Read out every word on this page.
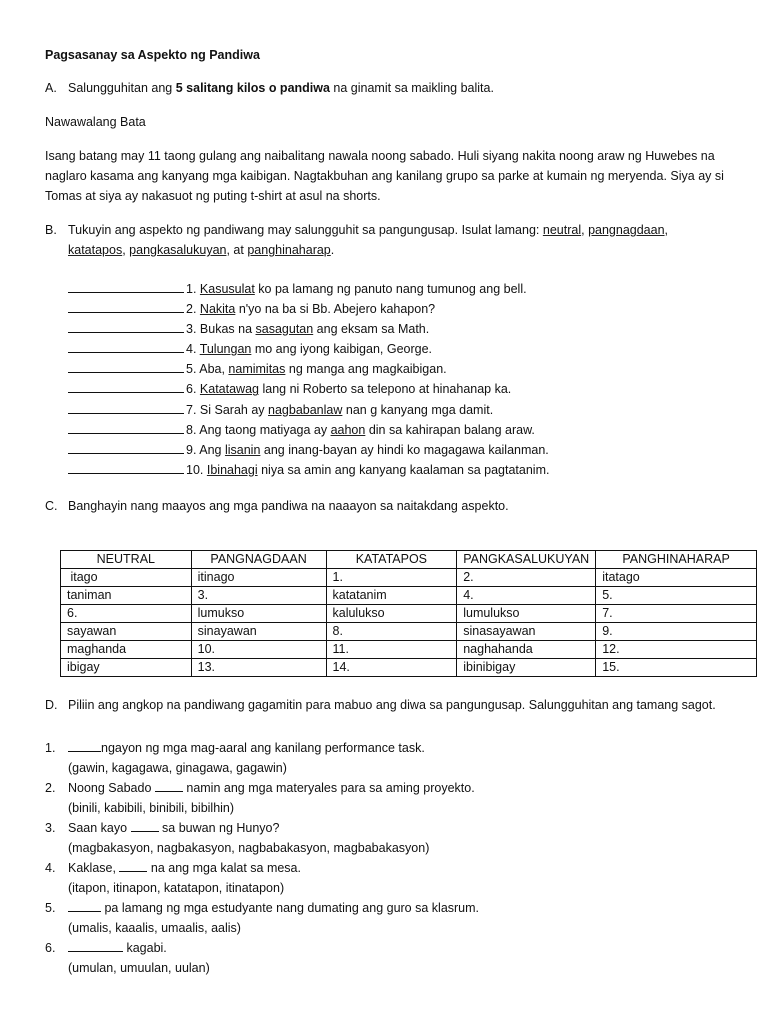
Pagsasanay sa Aspekto ng Pandiwa
A. Salungguhitan ang 5 salitang kilos o pandiwa na ginamit sa maikling balita.
Nawawalang Bata
Isang batang may 11 taong gulang ang naibalitang nawala noong sabado. Huli siyang nakita noong araw ng Huwebes na naglaro kasama ang kanyang mga kaibigan. Nagtakbuhan ang kanilang grupo sa parke at kumain ng meryenda. Siya ay si Tomas at siya ay nakasuot ng puting t-shirt at asul na shorts.
B. Tukuyin ang aspekto ng pandiwang may salungguhit sa pangungusap. Isulat lamang: neutral, pangnagdaan,
katatapos, pangkasalukuyan, at panghinaharap.
1. Kasusulat ko pa lamang ng panuto nang tumunog ang bell.
2. Nakita n'yo na ba si Bb. Abejero kahapon?
3. Bukas na sasagutan ang eksam sa Math.
4. Tulungan mo ang iyong kaibigan, George.
5. Aba, namimitas ng manga ang magkaibigan.
6. Katatawag lang ni Roberto sa telepono at hinahanap ka.
7. Si Sarah ay nagbabanlaw nan g kanyang mga damit.
8. Ang taong matiyaga ay aahon din sa kahirapan balang araw.
9. Ang lisanin ang inang-bayan ay hindi ko magagawa kailanman.
10. Ibinahagi niya sa amin ang kanyang kaalaman sa pagtatanim.
C. Banghayin nang maayos ang mga pandiwa na naaayon sa naitakdang aspekto.
NEUTRAL	PANGNAGDAAN	KATATAPOS	PANGKASALUKUYAN	PANGHINAHARAP
itago	itinago	1.	2.	itatago
taniman	3.	katatanim	4.	5.
6.	lumukso	kalulukso	lumulukso	7.
sayawan	sinayawan	8.	sinasayawan	9.
maghanda	10.	11.	naghahanda	12.
ibigay	13.	14.	ibinibigay	15.
D. Piliin ang angkop na pandiwang gagamitin para mabuo ang diwa sa pangungusap. Salungguhitan ang tamang sagot.
1.	ngayon ng mga mag-aaral ang kanilang performance task.
(gawin, kagagawa, ginagawa, gagawin)
2. Noong Sabado  namin ang mga materyales para sa aming proyekto.
(binili, kabibili, binibili, bibilhin)
3. Saan kayo  sa buwan ng Hunyo?
(magbakasyon, nagbakasyon, nagbabakasyon, magbabakasyon)
4. Kaklase,  na ang mga kalat sa mesa.
(itapon, itinapon, katatapon, itinatapon)
5.	pa lamang ng mga estudyante nang dumating ang guro sa klasrum.
(umalis, kaaalis, umaalis, aalis)
6.	kagabi.
(umulan, umuulan, uulan)
